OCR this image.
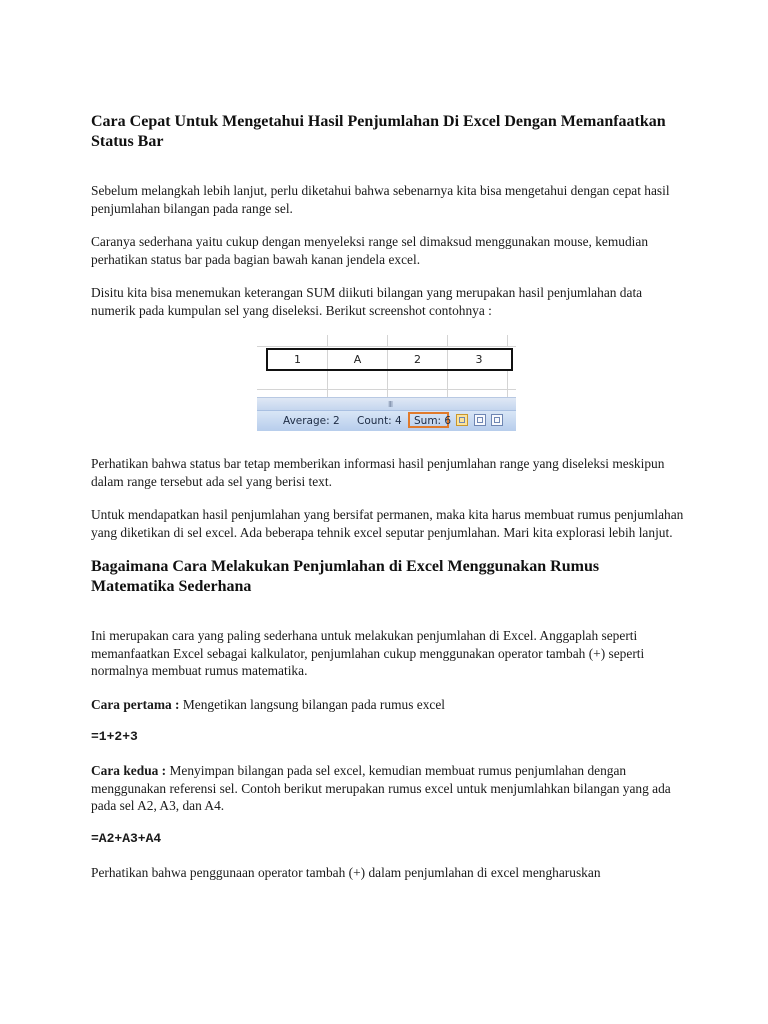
Cara Cepat Untuk Mengetahui Hasil Penjumlahan Di Excel Dengan Memanfaatkan Status Bar

Sebelum melangkah lebih lanjut, perlu diketahui bahwa sebenarnya kita bisa mengetahui dengan cepat hasil penjumlahan bilangan pada range sel.

Caranya sederhana yaitu cukup dengan menyeleksi range sel dimaksud menggunakan mouse, kemudian perhatikan status bar pada bagian bawah kanan jendela excel.

Disitu kita bisa menemukan keterangan SUM diikuti bilangan yang merupakan hasil penjumlahan data numerik pada kumpulan sel yang diseleksi. Berikut screenshot contohnya :

1	A	2	3
III
Average: 2 Count: 4 Sum: 6

Perhatikan bahwa status bar tetap memberikan informasi hasil penjumlahan range yang diseleksi meskipun dalam range tersebut ada sel yang berisi text.

Untuk mendapatkan hasil penjumlahan yang bersifat permanen, maka kita harus membuat rumus penjumlahan yang diketikan di sel excel. Ada beberapa tehnik excel seputar penjumlahan. Mari kita explorasi lebih lanjut.

Bagaimana Cara Melakukan Penjumlahan di Excel Menggunakan Rumus Matematika Sederhana

Ini merupakan cara yang paling sederhana untuk melakukan penjumlahan di Excel. Anggaplah seperti memanfaatkan Excel sebagai kalkulator, penjumlahan cukup menggunakan operator tambah (+) seperti normalnya membuat rumus matematika.

Cara pertama : Mengetikan langsung bilangan pada rumus excel

=1+2+3

Cara kedua : Menyimpan bilangan pada sel excel, kemudian membuat rumus penjumlahan dengan menggunakan referensi sel. Contoh berikut merupakan rumus excel untuk menjumlahkan bilangan yang ada pada sel A2, A3, dan A4.

=A2+A3+A4

Perhatikan bahwa penggunaan operator tambah (+) dalam penjumlahan di excel mengharuskan
